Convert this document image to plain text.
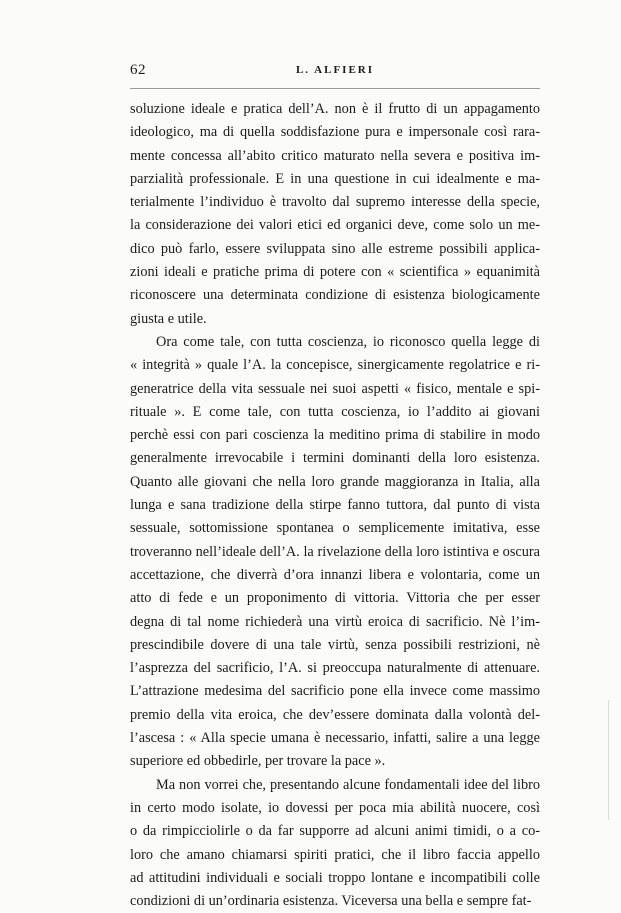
62	L. ALFIERI
soluzione ideale e pratica dell’A. non è il frutto di un appagamento
ideologico, ma di quella soddisfazione pura e impersonale così rara-
mente concessa all’abito critico maturato nella severa e positiva im-
parzialità professionale. E in una questione in cui idealmente e ma-
terialmente l’individuo è travolto dal supremo interesse della specie,
la considerazione dei valori etici ed organici deve, come solo un me-
dico può farlo, essere sviluppata sino alle estreme possibili applica-
zioni ideali e pratiche prima di potere con « scientifica » equanimità
riconoscere una determinata condizione di esistenza biologicamente
giusta e utile.
Ora come tale, con tutta coscienza, io riconosco quella legge di
« integrità » quale l’A. la concepisce, sinergicamente regolatrice e ri-
generatrice della vita sessuale nei suoi aspetti « fisico, mentale e spi-
rituale ». E come tale, con tutta coscienza, io l’addito ai giovani
perchè essi con pari coscienza la meditino prima di stabilire in modo
generalmente irrevocabile i termini dominanti della loro esistenza.
Quanto alle giovani che nella loro grande maggioranza in Italia, alla
lunga e sana tradizione della stirpe fanno tuttora, dal punto di vista
sessuale, sottomissione spontanea o semplicemente imitativa, esse
troveranno nell’ideale dell’A. la rivelazione della loro istintiva e oscura
accettazione, che diverrà d’ora innanzi libera e volontaria, come un
atto di fede e un proponimento di vittoria. Vittoria che per esser
degna di tal nome richiederà una virtù eroica di sacrificio. Nè l’im-
prescindibile dovere di una tale virtù, senza possibili restrizioni, nè
l’asprezza del sacrificio, l’A. si preoccupa naturalmente di attenuare.
L’attrazione medesima del sacrificio pone ella invece come massimo
premio della vita eroica, che dev’essere dominata dalla volontà del-
l’ascesa : « Alla specie umana è necessario, infatti, salire a una legge
superiore ed obbedirle, per trovare la pace ».
Ma non vorrei che, presentando alcune fondamentali idee del libro
in certo modo isolate, io dovessi per poca mia abilità nuocere, così
o da rimpicciolirle o da far supporre ad alcuni animi timidi, o a co-
loro che amano chiamarsi spiriti pratici, che il libro faccia appello
ad attitudini individuali e sociali troppo lontane e incompatibili colle
condizioni di un’ordinaria esistenza. Viceversa una bella e sempre fat-
